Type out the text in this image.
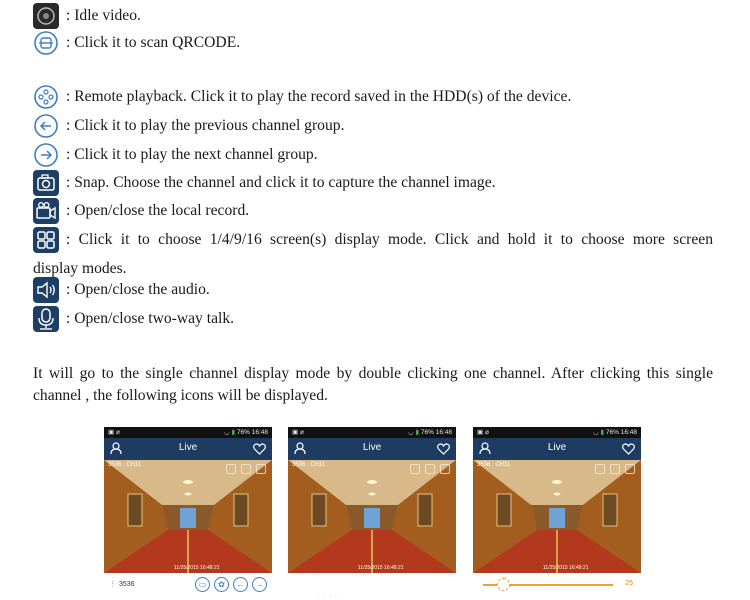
: Idle video.
: Click it to scan QRCODE.
: Remote playback. Click it to play the record saved in the HDD(s) of the device.
: Click it to play the previous channel group.
: Click it to play the next channel group.
: Snap. Choose the channel and click it to capture the channel image.
: Open/close the local record.
: Click it to choose 1/4/9/16 screen(s) display mode. Click and hold it to choose more screen
display modes.
: Open/close the audio.
: Open/close two-way talk.
It will go to the single channel display mode by double clicking one channel. After clicking this single channel , the following icons will be displayed.
▣ ⌀	◡ ▮ 76% 16:48
Live
3536 : CH11
11/25/2015 16:48:21
⋮ 3536	▭	✿	←	→
▣ ⌀	◡ ▮ 76% 16:48
Live
3536 : CH11
11/25/2015 16:48:21
· · · ·
▣ ⌀	◡ ▮ 76% 16:48
Live
3536 : CH11
11/25/2015 16:48:21
25
